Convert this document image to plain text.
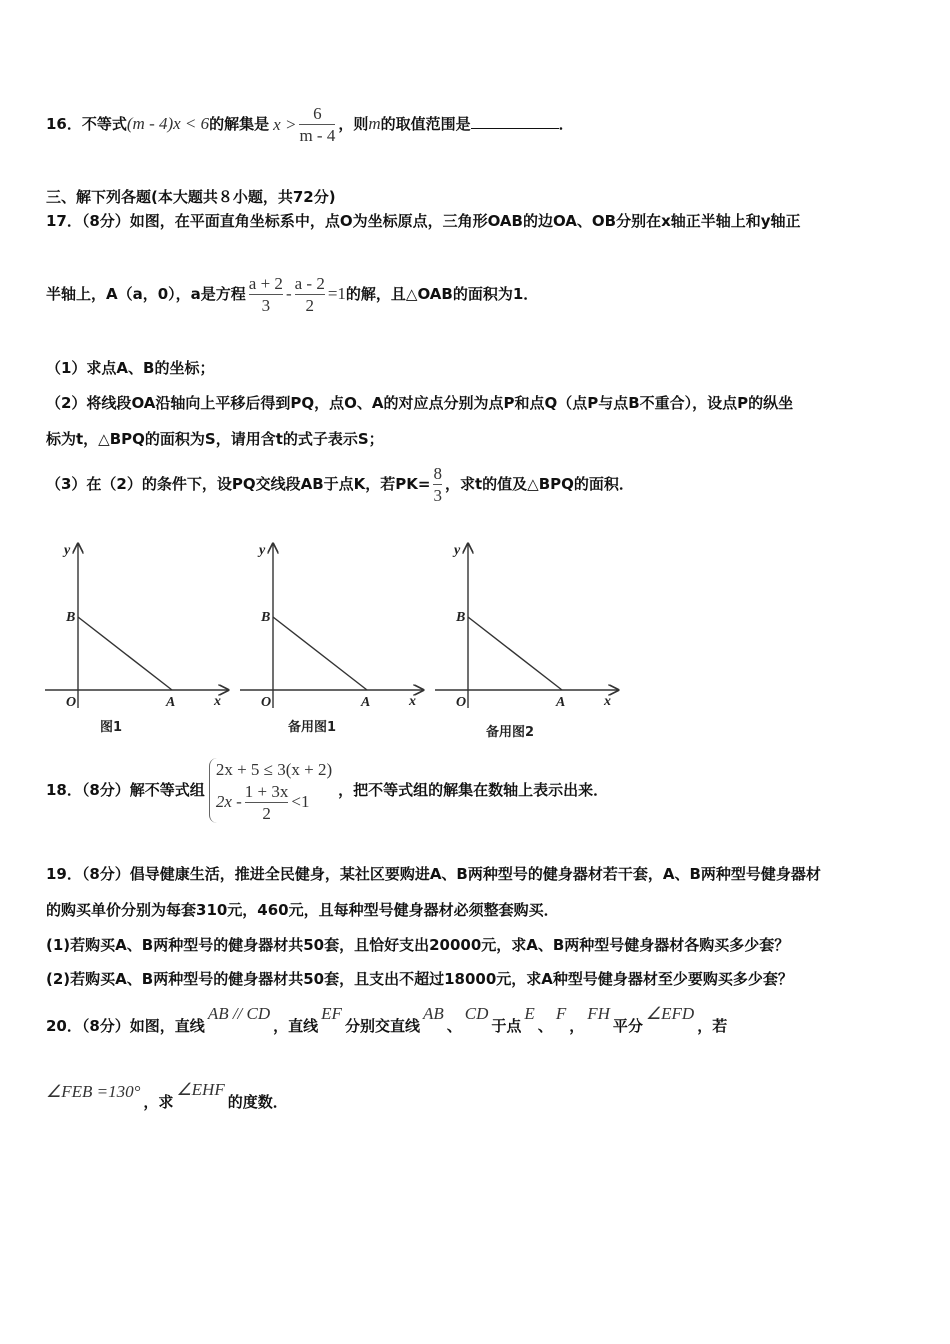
16．不等式(m - 4)x < 6的解集是 $x > \frac{6}{m - 4}$ ，则m的取值范围是	．
三、解下列各题(本大题共８小题，共72分)
17．（8分）如图，在平面直角坐标系中，点O为坐标原点，三角形OAB的边OA、OB分别在x轴正半轴上和y轴正
半轴上，A（a，0），a是方程 $\frac{a + 2}{3} - \frac{a - 2}{2} =1$的解，且△OAB的面积为1．
（1）求点A、B的坐标；
（2）将线段OA沿轴向上平移后得到PQ，点O、A的对应点分别为点P和点Q（点P与点B不重合），设点P的纵坐
标为t，△BPQ的面积为S，请用含t的式子表示S；
（3）在（2）的条件下，设PQ交线段AB于点K，若$PK= \frac{8}{3}$ ，求t的值及△BPQ的面积．
y
x
O	A
B
图1
y
x
O	A
B
备用图1
y
x
O	A
B
备用图2
18．（8分）解不等式组
2x + 5 ≤ 3(x + 2)
$2x - \frac{1 + 3x}{2} <1$
，把不等式组的解集在数轴上表示出来．
19．（8分）倡导健康生活，推进全民健身，某社区要购进A、B两种型号的健身器材若干套，A、B两种型号健身器材
的购买单价分别为每套310元，460元，且每种型号健身器材必须整套购买．
(1)若购买A、B两种型号的健身器材共50套，且恰好支出20000元，求A、B两种型号健身器材各购买多少套？
(2)若购买A、B两种型号的健身器材共50套，且支出不超过18000元，求A种型号健身器材至少要购买多少套？
20．（8分）如图，直线AB // CD，直线EF分别交直线AB、CD于点E、F，FH平分∠EFD，若
∠FEB =130°，求∠EHF的度数．
